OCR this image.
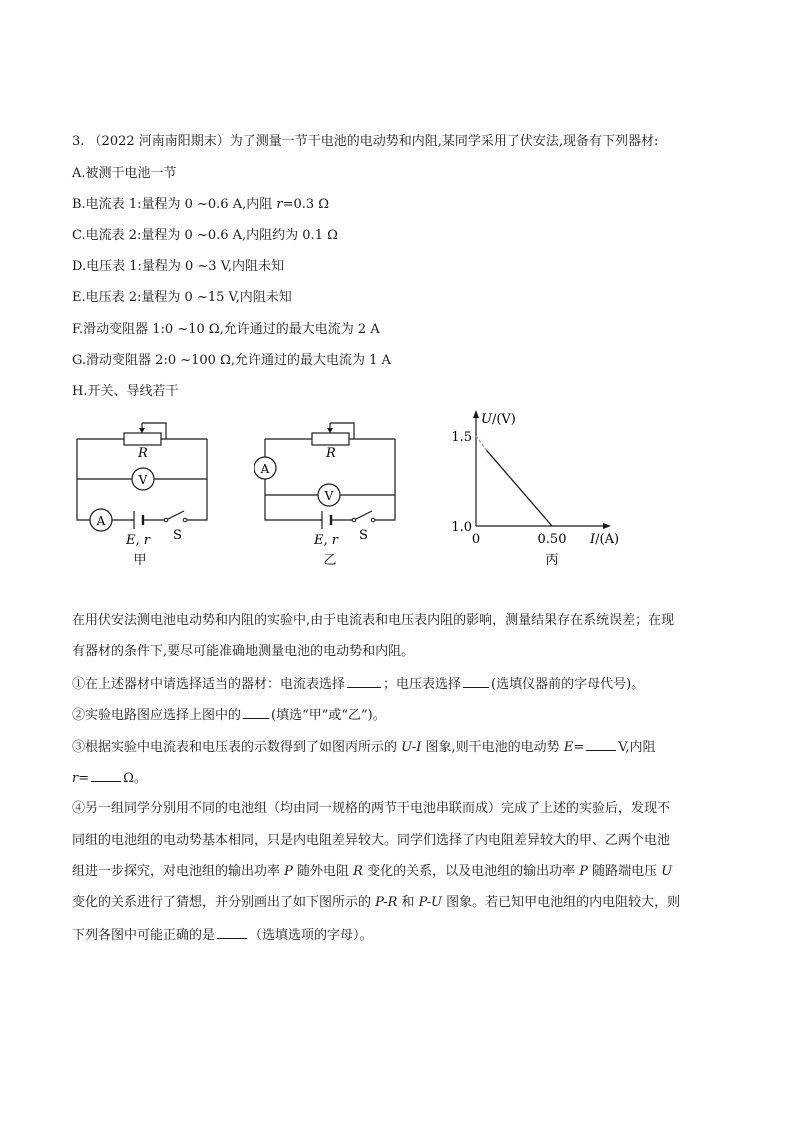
3. （2022 河南南阳期末）为了测量一节干电池的电动势和内阻,某同学采用了伏安法,现备有下列器材:
A.被测干电池一节
B.电流表 1:量程为 0 ~0.6 A,内阻 r=0.3 Ω
C.电流表 2:量程为 0 ~0.6 A,内阻约为 0.1 Ω
D.电压表 1:量程为 0 ~3 V,内阻未知
E.电压表 2:量程为 0 ~15 V,内阻未知
F.滑动变阻器 1:0 ~10 Ω,允许通过的最大电流为 2 A
G.滑动变阻器 2:0 ~100 Ω,允许通过的最大电流为 1 A
H.开关、导线若干
R
V
A
E, r S
甲
R
V
A
E, r S
乙
U/(V)
I/(A)
1.5
1.0
0	0.50
丙
在用伏安法测电池电动势和内阻的实验中,由于电流表和电压表内阻的影响，测量结果存在系统误差；在现
有器材的条件下,要尽可能准确地测量电池的电动势和内阻。
①在上述器材中请选择适当的器材：电流表选择	；电压表选择 (选填仪器前的字母代号)。
②实验电路图应选择上图中的 (填选“甲”或“乙”)。
③根据实验中电流表和电压表的示数得到了如图丙所示的 U-I 图象,则干电池的电动势 E=	V,内阻
r=	Ω。
④另一组同学分别用不同的电池组（均由同一规格的两节干电池串联而成）完成了上述的实验后，发现不
同组的电池组的电动势基本相同，只是内电阻差异较大。同学们选择了内电阻差异较大的甲、乙两个电池
组进一步探究，对电池组的输出功率 P 随外电阻 R 变化的关系，以及电池组的输出功率 P 随路端电压 U
变化的关系进行了猜想，并分别画出了如下图所示的 P-R 和 P-U 图象。若已知甲电池组的内电阻较大，则
下列各图中可能正确的是	（选填选项的字母）。
